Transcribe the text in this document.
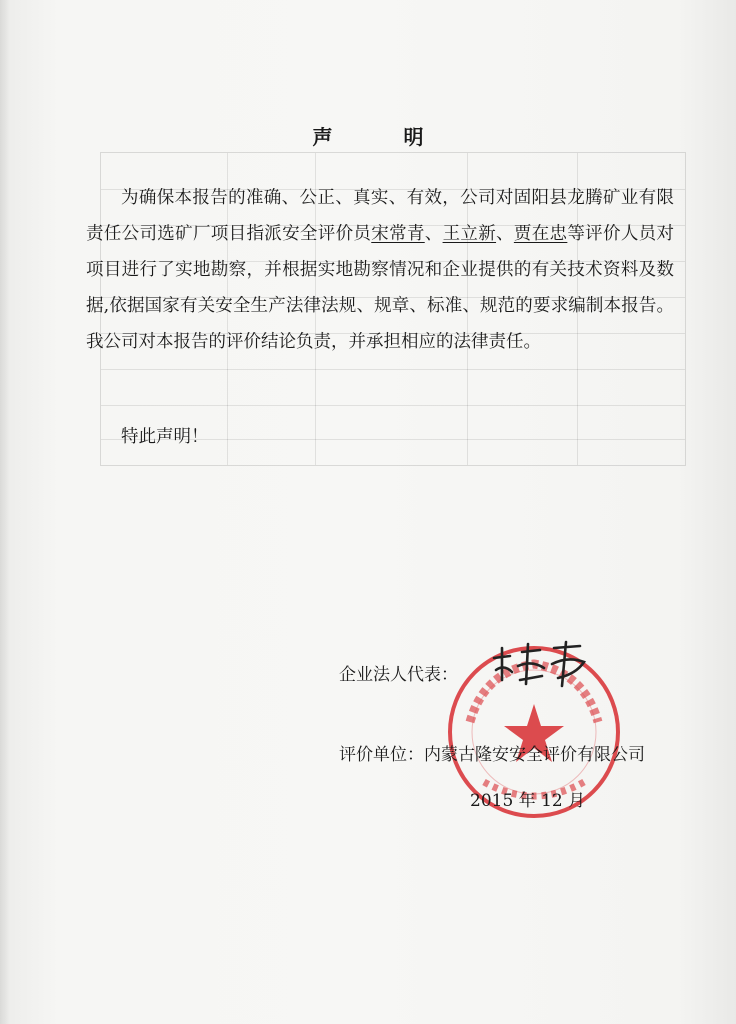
声 明

为确保本报告的准确、公正、真实、有效，公司对固阳县龙腾矿业有限责任公司选矿厂项目指派安全评价员宋常青、王立新、贾在忠等评价人员对项目进行了实地勘察，并根据实地勘察情况和企业提供的有关技术资料及数据,依据国家有关安全生产法律法规、规章、标准、规范的要求编制本报告。我公司对本报告的评价结论负责，并承担相应的法律责任。

特此声明！
企业法人代表：
评价单位：内蒙古隆安安全评价有限公司
2015 年 12 月
